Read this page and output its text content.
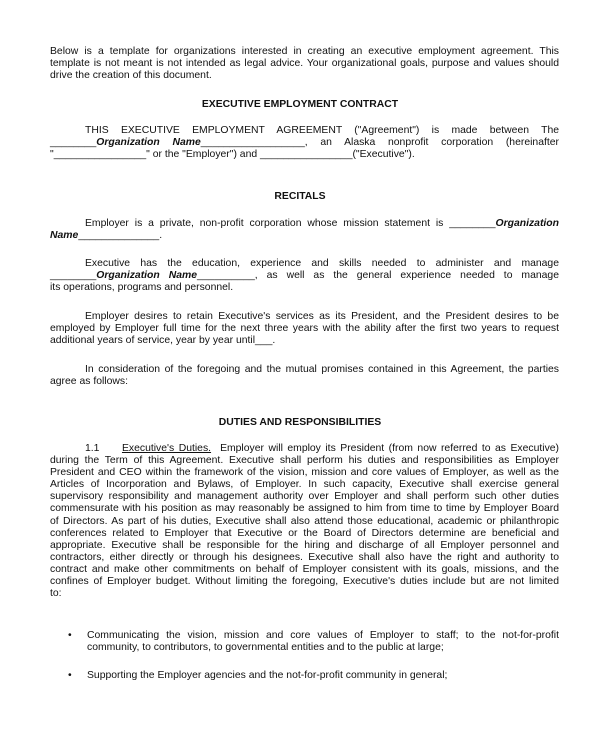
Below is a template for organizations interested in creating an executive employment agreement. This
template is not meant is not intended as legal advice. Your organizational goals, purpose and values should
drive the creation of this document.

EXECUTIVE EMPLOYMENT CONTRACT

THIS EXECUTIVE EMPLOYMENT AGREEMENT ("Agreement") is made between The
________Organization Name__________________, an Alaska nonprofit corporation (hereinafter
"________________" or the "Employer") and ________________("Executive").

RECITALS

Employer is a private, non-profit corporation whose mission statement is ________Organization
Name______________.

Executive has the education, experience and skills needed to administer and manage
________Organization Name__________, as well as the general experience needed to manage
its operations, programs and personnel.

Employer desires to retain Executive's services as its President, and the President desires to be
employed by Employer full time for the next three years with the ability after the first two years to request
additional years of service, year by year until___.

In consideration of the foregoing and the mutual promises contained in this Agreement, the parties
agree as follows:

DUTIES AND RESPONSIBILITIES

1.1 Executive's Duties. Employer will employ its President (from now referred to as Executive)
during the Term of this Agreement. Executive shall perform his duties and responsibilities as Employer
President and CEO within the framework of the vision, mission and core values of Employer, as well as the
Articles of Incorporation and Bylaws, of Employer. In such capacity, Executive shall exercise general
supervisory responsibility and management authority over Employer and shall perform such other duties
commensurate with his position as may reasonably be assigned to him from time to time by Employer Board
of Directors. As part of his duties, Executive shall also attend those educational, academic or philanthropic
conferences related to Employer that Executive or the Board of Directors determine are beneficial and
appropriate. Executive shall be responsible for the hiring and discharge of all Employer personnel and
contractors, either directly or through his designees. Executive shall also have the right and authority to
contract and make other commitments on behalf of Employer consistent with its goals, missions, and the
confines of Employer budget. Without limiting the foregoing, Executive's duties include but are not limited
to:

•	Communicating the vision, mission and core values of Employer to staff; to the not-for-profit
community, to contributors, to governmental entities and to the public at large;

•	Supporting the Employer agencies and the not-for-profit community in general;
